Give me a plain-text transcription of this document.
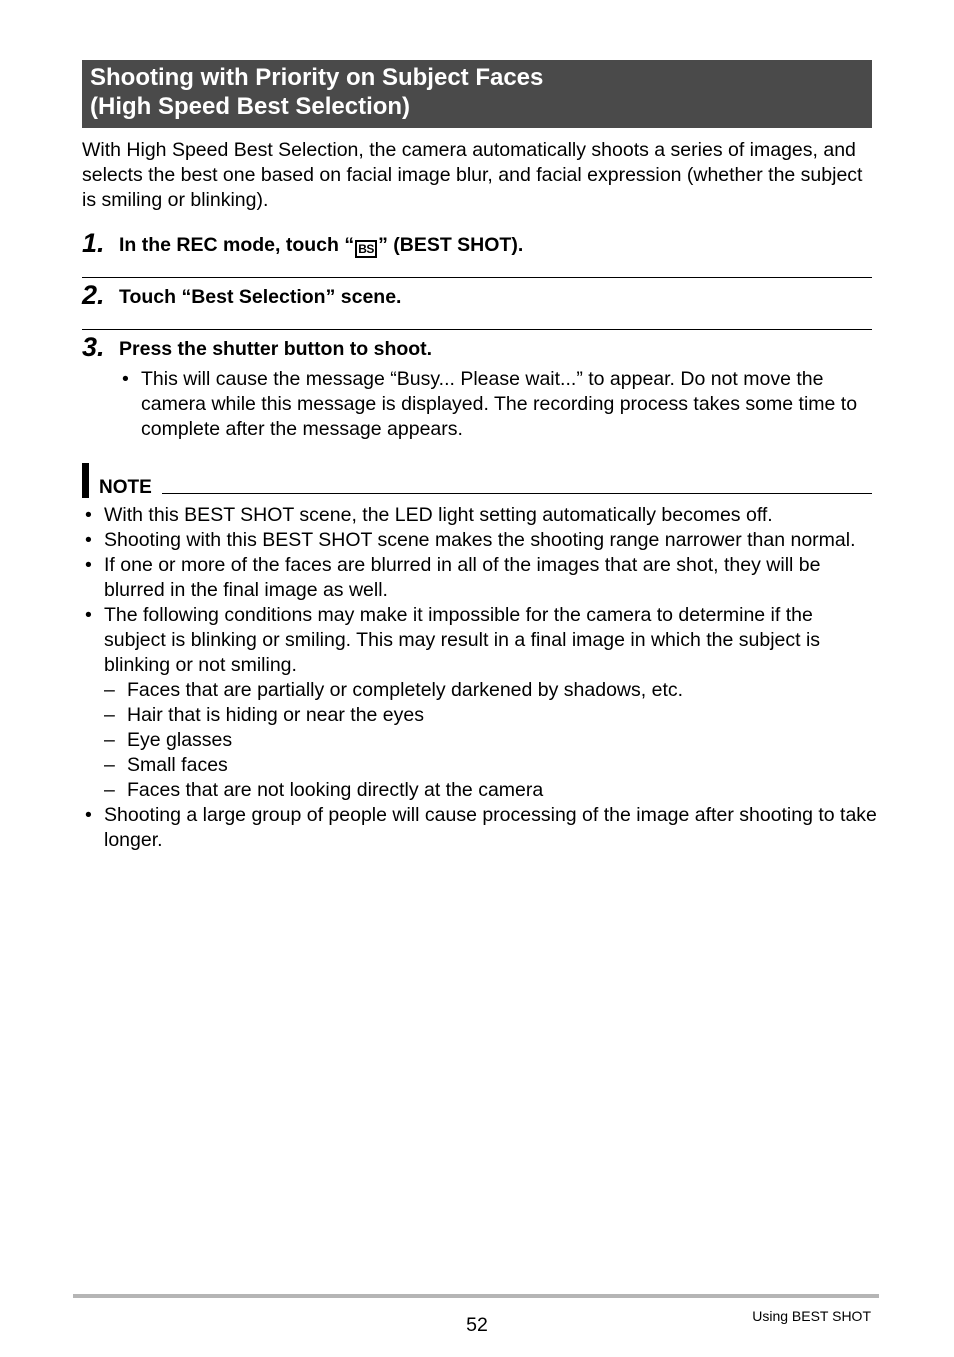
Shooting with Priority on Subject Faces
(High Speed Best Selection)
With High Speed Best Selection, the camera automatically shoots a series of images, and selects the best one based on facial image blur, and facial expression (whether the subject is smiling or blinking).
1. In the REC mode, touch “ BS ” (BEST SHOT).
2. Touch “Best Selection” scene.
3. Press the shutter button to shoot.
• This will cause the message “Busy... Please wait...” to appear. Do not move the camera while this message is displayed. The recording process takes some time to complete after the message appears.
NOTE
• With this BEST SHOT scene, the LED light setting automatically becomes off.
• Shooting with this BEST SHOT scene makes the shooting range narrower than normal.
• If one or more of the faces are blurred in all of the images that are shot, they will be blurred in the final image as well.
• The following conditions may make it impossible for the camera to determine if the subject is blinking or smiling. This may result in a final image in which the subject is blinking or not smiling.
– Faces that are partially or completely darkened by shadows, etc.
– Hair that is hiding or near the eyes
– Eye glasses
– Small faces
– Faces that are not looking directly at the camera
• Shooting a large group of people will cause processing of the image after shooting to take longer.
52	Using BEST SHOT
